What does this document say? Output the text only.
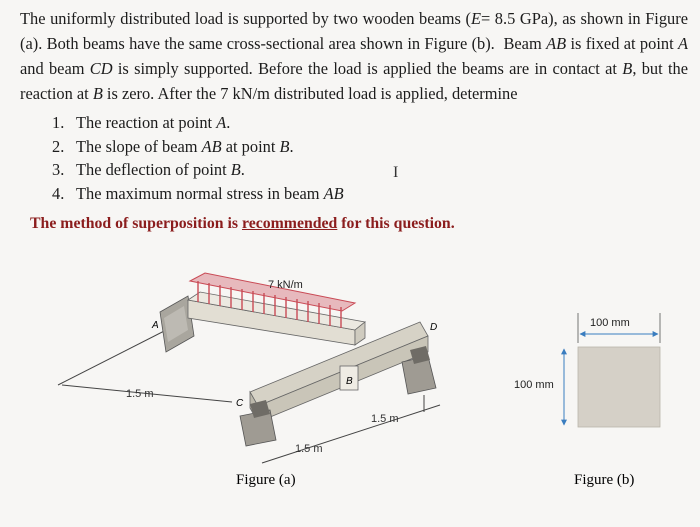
The uniformly distributed load is supported by two wooden beams (E= 8.5 GPa), as shown in Figure (a). Both beams have the same cross-sectional area shown in Figure (b).  Beam AB is fixed at point A and beam CD is simply supported. Before the load is applied the beams are in contact at B, but the reaction at B is zero. After the 7 kN/m distributed load is applied, determine

1. The reaction at point A.
2. The slope of beam AB at point B.
3. The deflection of point B.
4. The maximum normal stress in beam AB
I
The method of superposition is recommended for this question.
7 kN/m
A
B
C
D
1.5 m
1.5 m
1.5 m
Figure (a)
100 mm
100 mm
Figure (b)
